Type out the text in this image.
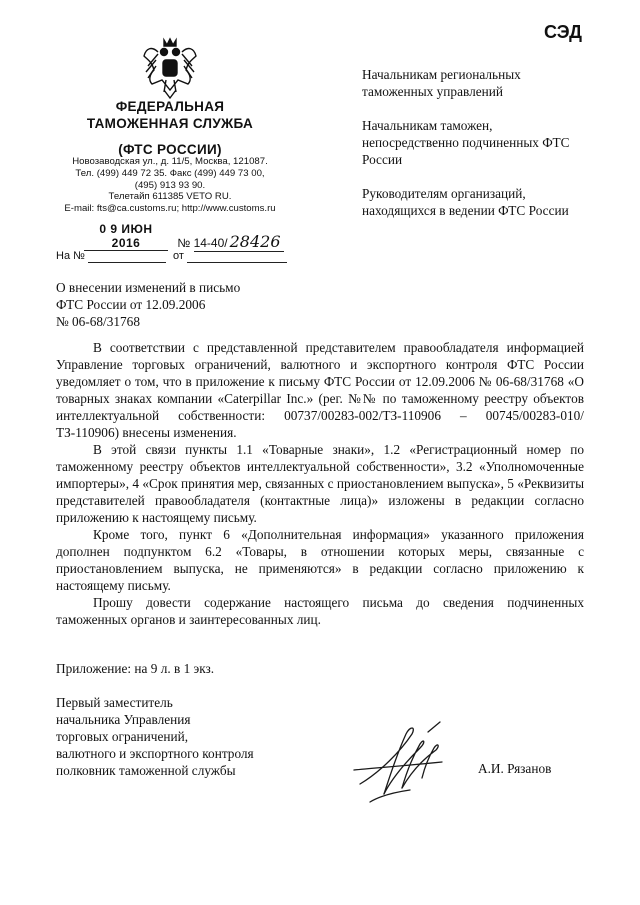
СЭД
ФЕДЕРАЛЬНАЯ
ТАМОЖЕННАЯ СЛУЖБА
(ФТС РОССИИ)
Новозаводская ул., д. 11/5, Москва, 121087.
Тел. (499) 449 72 35. Факс (499) 449 73 00,
(495) 913 93 90.
Телетайп 611385 VETO RU.
E-mail: fts@ca.customs.ru; http://www.customs.ru
0 9 ИЮН 2016	№ 14-40/ 28426
На №	от

Начальникам региональных таможенных управлений

Начальникам таможен, непосредственно подчиненных ФТС России

Руководителям организаций, находящихся в ведении ФТС России

О внесении изменений в письмо
ФТС России от 12.09.2006
№ 06-68/31768

В соответствии с представленной представителем правообладателя информацией Управление торговых ограничений, валютного и экспортного контроля ФТС России уведомляет о том, что в приложение к письму ФТС России от 12.09.2006 № 06-68/31768 «О товарных знаках компании «Caterpillar Inc.» (рег. №№ по таможенному реестру объектов интеллектуальной собственности: 00737/00283-002/ТЗ-110906 – 00745/00283-010/ТЗ-110906) внесены изменения.

В этой связи пункты 1.1 «Товарные знаки», 1.2 «Регистрационный номер по таможенному реестру объектов интеллектуальной собственности», 3.2 «Уполномоченные импортеры», 4 «Срок принятия мер, связанных с приостановлением выпуска», 5 «Реквизиты представителей правообладателя (контактные лица)» изложены в редакции согласно приложению к настоящему письму.

Кроме того, пункт 6 «Дополнительная информация» указанного приложения дополнен подпунктом 6.2 «Товары, в отношении которых меры, связанные с приостановлением выпуска, не применяются» в редакции согласно приложению к настоящему письму.

Прошу довести содержание настоящего письма до сведения подчиненных таможенных органов и заинтересованных лиц.

Приложение: на 9 л. в 1 экз.
Первый заместитель
начальника Управления
торговых ограничений,
валютного и экспортного контроля
полковник таможенной службы	А.И. Рязанов
